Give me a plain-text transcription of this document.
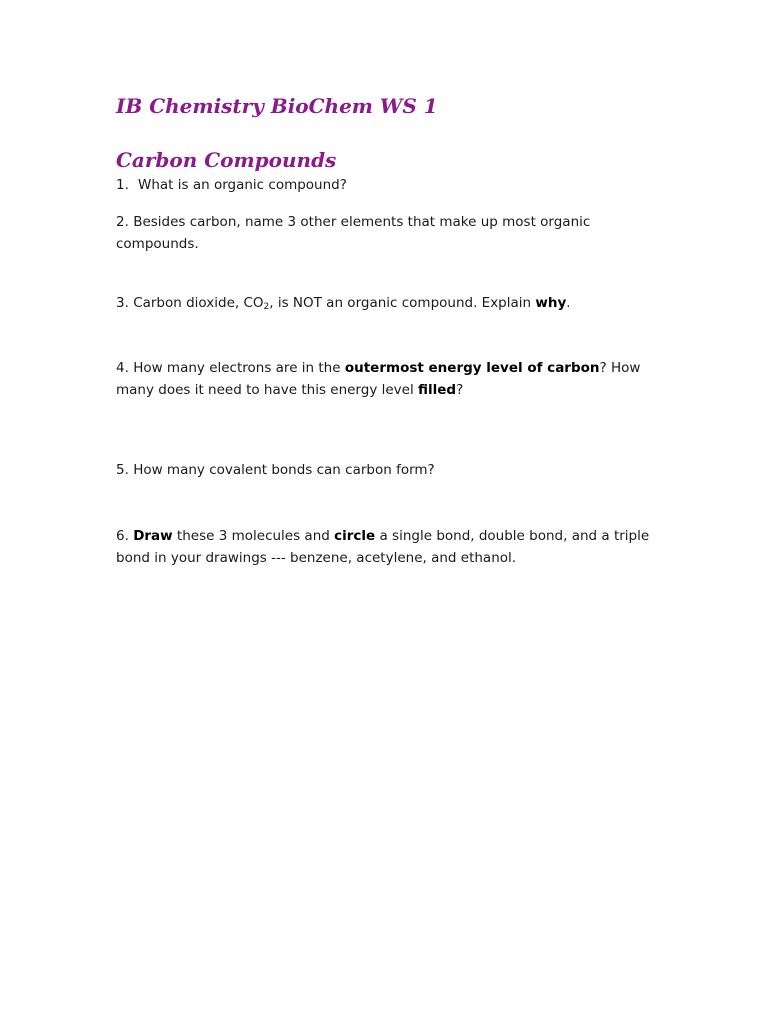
IB Chemistry BioChem WS 1
Carbon Compounds

1. What is an organic compound?

2. Besides carbon, name 3 other elements that make up most organic compounds.

3. Carbon dioxide, $CO_2$, is NOT an organic compound. Explain why.

4. How many electrons are in the outermost energy level of carbon? How many does it need to have this energy level filled?

5. How many covalent bonds can carbon form?

6. Draw these 3 molecules and circle a single bond, double bond, and a triple bond in your drawings --- benzene, acetylene, and ethanol.
